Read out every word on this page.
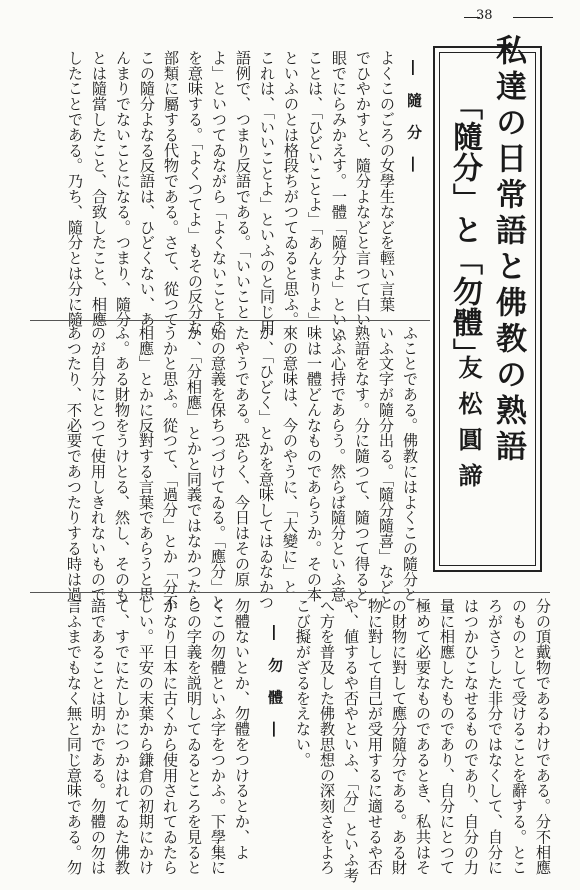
38
私達の日常語と佛教の熟語
「隨分」と「勿體」
友松圓諦
― 隨 分 ―
よくこのごろの女學生などを輕い言葉
でひやかすと、隨分よなどと言つて白い
眼でにらみかえす。一體「隨分よ」といふ
ことは、「ひどいことよ」「あんまりよ」
といふのとは格段ちがつてゐると思ふ。
これは、「いいことよ」といふのと同じ用
語例で、つまり反語である。「いいこと
よ」といつてゐながら「よくないことよ」
を意味する。「よくつてよ」もその反分な
部類に屬する代物である。さて、從つて
この隨分よなる反語は、ひどくない、あ
んまりでないことになる。つまり、隨分
とは隨當したこと、合致したこと、相應
したことである。乃ち、隨分とは分に隨
ふことである。佛教にはよくこの隨分と
いふ文字が隨分出る。「隨分隨喜」などと
熟語をなす。分に隨つて、隨つて得ると
いふ心持であらう。然らば隨分といふ意
味は一體どんなものであらうか。その本
來の意味は、今のやうに、「大變に」と
か、「ひどく」とかを意味してはゐなかつ
たやうである。恐らく、今日はその原
始の意義を保ちつづけてゐる。「應分」と
か、「分相應」とかと同義ではなかつたら
うかと思ふ。從つて、「過分」とか「分不
相應」とかに反對する言葉であらうと思
ふ。ある財物をうけとる、然し、そのも
のが自分にとつて使用しきれないもので
あつたり、不必要であつたりする時は過
分の頂戴物であるわけである。分不相應
のものとして受けることを辭する。とこ
ろがさうした非分ではなくして、自分に
はつかひこなせるものであり、自分の力
量に相應したものであり、自分にとつて
極めて必要なものであるとき、私共はそ
の財物に對して應分隨分である。ある財
物に對して自己が受用するに適せるや否
や、値するや否やといふ、「分」といふ考
へ方を普及した佛教思想の深刻さをよろ
こび擬がざるをえない。
― 勿 體 ―
勿體ないとか、勿體をつけるとか、よ
くこの勿體といふ字をつかふ。下學集に
この字義を説明してゐるところを見ると
かなり日本に古くから使用されてゐたら
しい。平安の末葉から鎌倉の初期にかけ
て、すでにたしかにつかはれてゐた佛教
語であることは明かである。勿體の勿は
言ふまでもなく無と同じ意味である。勿
